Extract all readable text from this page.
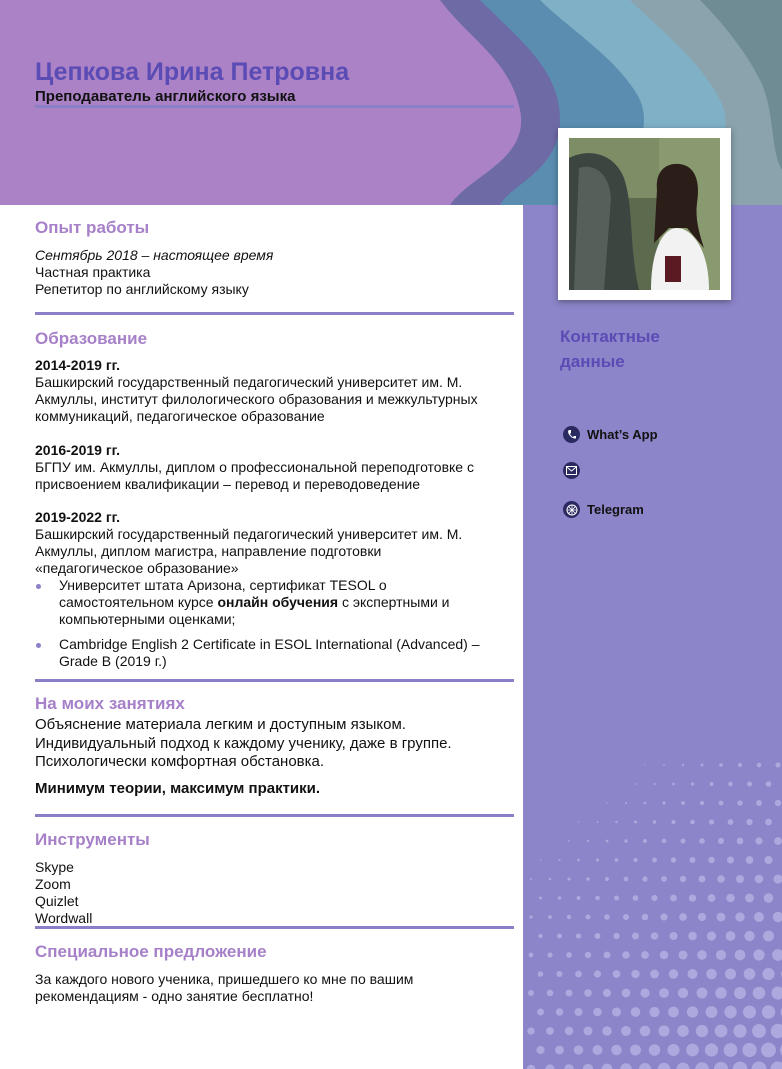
Цепкова Ирина Петровна
Преподаватель английского языка
Контактные
данные
What’s App
Telegram
Опыт работы
Сентябрь 2018 – настоящее время
Частная практика
Репетитор по английскому языку
Образование
2014-2019 гг.
Башкирский государственный педагогический университет им. М.
Акмуллы, институт филологического образования и межкультурных
коммуникаций, педагогическое образование
2016-2019 гг.
БГПУ им. Акмуллы, диплом о профессиональной переподготовке с
присвоением квалификации – перевод и переводоведение
2019-2022 гг.
Башкирский государственный педагогический университет им. М.
Акмуллы, диплом магистра, направление подготовки
«педагогическое образование»
Университет штата Аризона, сертификат TESOL о
самостоятельном курсе онлайн обучения с экспертными и
компьютерными оценками;
Cambridge English 2 Certificate in ESOL International (Advanced) –
Grade B (2019 г.)
На моих занятиях
Объяснение материала легким и доступным языком.
Индивидуальный подход к каждому ученику, даже в группе.
Психологически комфортная обстановка.
Минимум теории, максимум практики.
Инструменты
Skype
Zoom
Quizlet
Wordwall
Специальное предложение
За каждого нового ученика, пришедшего ко мне по вашим
рекомендациям - одно занятие бесплатно!
